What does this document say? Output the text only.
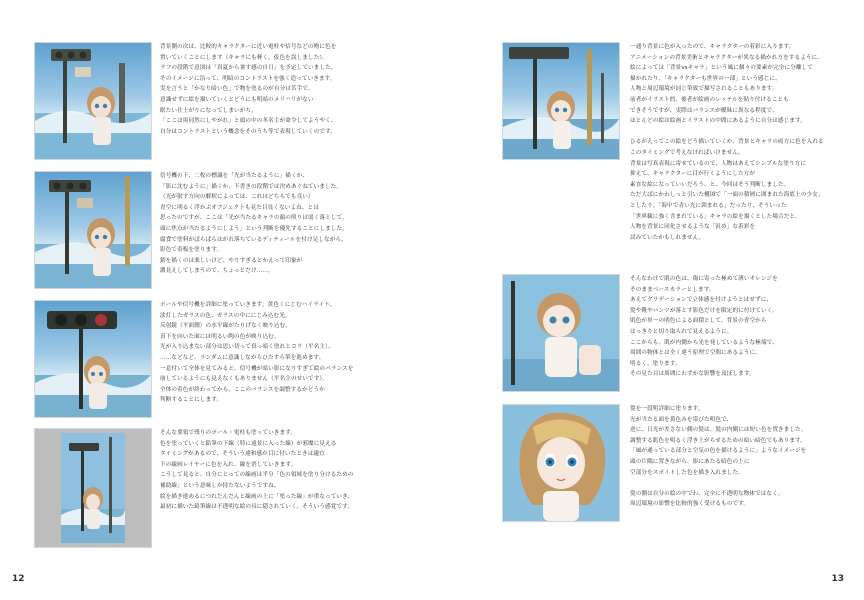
背景側の次は、比較的キャラクターに近い電柱や信号などの物に色を

置いていくことにします（キャラにも軽く、仮色を誤しました）。

ラフの段階で意図は「真夏から暑す感の自日」を予定していました。

そのイメージに沿って、明暗のコントラストを強く造っていきます。

実を言うと「かなり暗い色」で物を塗るのが自分は苦手で、

意識せずに絵を描いていくとどうにも明暗のメリハリがない

眠たい仕上がりになってしまいがち。

「ここは黒同然にしやがれ」と頭の中の冬名主が命令してようやく、

自分はコントラストという概念をそのうち等で表現していくのです。

信号機の下、二枚の標識を「光が当たるように」描くか、

「影に沈むように」描くか、下書きの段階では決めあぐねていました。

（光が射す方向の解釈によっては、これはどちらでも良い）

青空に明るく浮かぶオブジェクトも見た目良くないよね、とは

思ったのですが、ここは「光が当たるキャラの顔の照りは弱く落として、

頭に焦点が当たるようにしよう」という判断を優先することにしました。

腐食で塗料がぱらぱらはがれ落ちているディティールを付け足しながら、

影色で着板を塗ります。

錆を描くのは楽しいけど、やりすぎるとかえって印象が

濃見えしてしまうので、ちょっとだけ……。

ポールや信号機を詳細に塗っていきます。黄色くにじむハイライト、

淡灯したガラスの色、ガラスの中ににじみ込む光、

反射鏡（平面側）の水平線がたりげなく映り込む、

真下を向いた面には明るい陶の色が映り込む、

光が入り込まない部分は思い切って真っ暗く塗れとコラ（平名主）、

……などなど、ランダムに意識しながらひたすら筆を進めます。

一息付いて全体を見てみると、信号機が暗い影になりすぎて絵のバランスを

崩しているようにも見えなくもありません（平名主のせいです）。

全体の着色が終わってから、ここのバランスを調整するかどうか

判断することにします。

そんな要領で残りのポール・電柱も塗っていきます。

色を塗っていくと鉛筆の下線（特に遠景に入った線）が邪魔に見える

タイミングがあるので、そういう違和感が目に付いたときは適宜

下の線画レイヤーに色を入れ、線を消していきます。

こうして見ると、自分にとっての線画は半分「色の領域を塗り分けるための

補助線」という意味しか持たないようですね。

絵を描き進めるにつれだんだんと線画の上に「塗った線」が重なっていき、

最初に描いた鉛筆線は不透明な絵の具に隠されていく、そういう感覚です。

12

一通り背景に色が入ったので、キャラクターの着彩に入ります。

アニメーションの背景美術とキャラクターが異なる描かれ方をするように、

絵によっては「背景vsキャラ」という風に個々の要素が完全に分離して

描かれたり、「キャラクターも世界の一部」という感じに、

人物と周辺環境が同じ筆致で描写されることもあります。

前者がイラスト的、後者が絵画のレッテルを貼り付けることも

できそうですが、実際はバランスが曖昧に異なる程度で、

ほとんどの絵は絵画とイラストの中間にあるように自分は感じます。

ひるがえってこの絵をどう描いていくか、背景とキャラの両方に色を入れる

このタイミングで考えなければいけません。

背景は写真表現に寄せているので、人物はあえてシンプルな塗り方に

抑えて、キャラクターに目が行くようにした方が

素直な絵になっていいだろう、と、今回はそう判断しました。

ただ大ばにかわしっと引いた構図で「一面の積層に囲まれた海底上の少女」

としたり、「海中で青い光に囲まれる」だったり、そういった

「世界観に強く含まれている」キャラの絵を描くとした場合だと、

人物を背景に同化させるような「汎め」な着彩を

試みていたかもしれません。

そんなわけで肌の色は、傷に寄った極めて薄いオレンジを

そのままベースカラーとします。

あえてグラデーションで立体感を付けようとはせずに、

髪や靴やパンツが落とす影色だけを限定的に付けていく。

肌色が単一の明色による面積として、背景の青空から

はっきりと切り取られて見えるように。

ここからも、肌が内側から光を発しているような極端で、

周囲の物体とは全く違う原理で空間にあるように、

明るく、塗ります。

その見た目は周囲にわずかな影響を及ぼします。

髪を一段明詳細に塗ります。

光が当たる面を黄色みを帯びた明色で、

逆に、日光が差さない側の髪は、髪の内側には短い色を置きました。

調整する肌色を明るく浮き上がらせるための暗い暗色でもあります。

「風が通っている部分と空気の色を描けるように」ようなイメージを

頭の片隅に置きながら、影にあたる暗色の上に

空部分をスポイトした色を描き入れました。

髪の側は自分の絵の中でわ、完全に不透明な物体ではなく、

周辺環境の影響を比較的強く受けるものです。

13
